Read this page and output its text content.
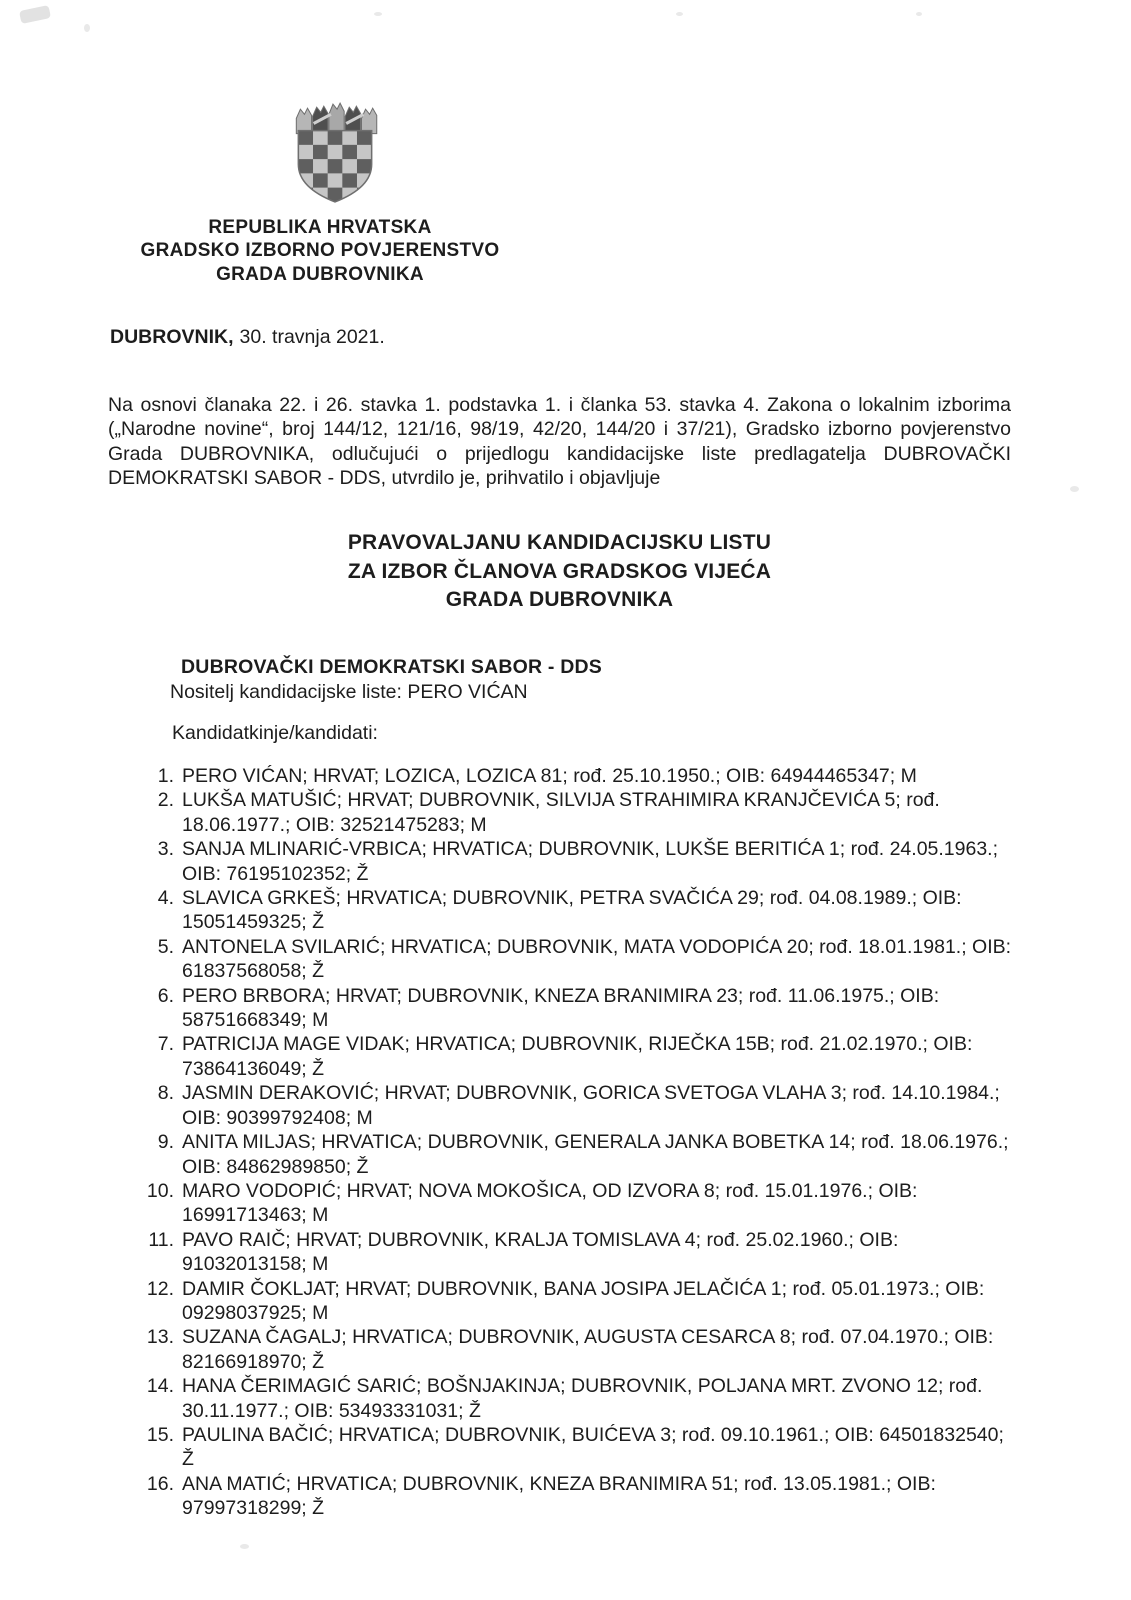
REPUBLIKA HRVATSKA
GRADSKO IZBORNO POVJERENSTVO
GRADA DUBROVNIKA
DUBROVNIK, 30. travnja 2021.

Na osnovi članaka 22. i 26. stavka 1. podstavka 1. i članka 53. stavka 4. Zakona o lokalnim izborima („Narodne novine“, broj 144/12, 121/16, 98/19, 42/20, 144/20 i 37/21), Gradsko izborno povjerenstvo Grada DUBROVNIKA, odlučujući o prijedlogu kandidacijske liste predlagatelja DUBROVAČKI DEMOKRATSKI SABOR - DDS, utvrdilo je, prihvatilo i objavljuje

PRAVOVALJANU KANDIDACIJSKU LISTU
ZA IZBOR ČLANOVA GRADSKOG VIJEĆA
GRADA DUBROVNIKA
DUBROVAČKI DEMOKRATSKI SABOR - DDS
Nositelj kandidacijske liste: PERO VIĆAN
Kandidatkinje/kandidati:
1. PERO VIĆAN; HRVAT; LOZICA, LOZICA 81; rođ. 25.10.1950.; OIB: 64944465347; M
2. LUKŠA MATUŠIĆ; HRVAT; DUBROVNIK, SILVIJA STRAHIMIRA KRANJČEVIĆA 5; rođ. 18.06.1977.; OIB: 32521475283; M
3. SANJA MLINARIĆ-VRBICA; HRVATICA; DUBROVNIK, LUKŠE BERITIĆA 1; rođ. 24.05.1963.; OIB: 76195102352; Ž
4. SLAVICA GRKEŠ; HRVATICA; DUBROVNIK, PETRA SVAČIĆA 29; rođ. 04.08.1989.; OIB: 15051459325; Ž
5. ANTONELA SVILARIĆ; HRVATICA; DUBROVNIK, MATA VODOPIĆA 20; rođ. 18.01.1981.; OIB: 61837568058; Ž
6. PERO BRBORA; HRVAT; DUBROVNIK, KNEZA BRANIMIRA 23; rođ. 11.06.1975.; OIB: 58751668349; M
7. PATRICIJA MAGE VIDAK; HRVATICA; DUBROVNIK, RIJEČKA 15B; rođ. 21.02.1970.; OIB: 73864136049; Ž
8. JASMIN DERAKOVIĆ; HRVAT; DUBROVNIK, GORICA SVETOGA VLAHA 3; rođ. 14.10.1984.; OIB: 90399792408; M
9. ANITA MILJAS; HRVATICA; DUBROVNIK, GENERALA JANKA BOBETKA 14; rođ. 18.06.1976.; OIB: 84862989850; Ž
10. MARO VODOPIĆ; HRVAT; NOVA MOKOŠICA, OD IZVORA 8; rođ. 15.01.1976.; OIB: 16991713463; M
11. PAVO RAIČ; HRVAT; DUBROVNIK, KRALJA TOMISLAVA 4; rođ. 25.02.1960.; OIB: 91032013158; M
12. DAMIR ČOKLJAT; HRVAT; DUBROVNIK, BANA JOSIPA JELAČIĆA 1; rođ. 05.01.1973.; OIB: 09298037925; M
13. SUZANA ČAGALJ; HRVATICA; DUBROVNIK, AUGUSTA CESARCA 8; rođ. 07.04.1970.; OIB: 82166918970; Ž
14. HANA ČERIMAGIĆ SARIĆ; BOŠNJAKINJA; DUBROVNIK, POLJANA MRT. ZVONO 12; rođ. 30.11.1977.; OIB: 53493331031; Ž
15. PAULINA BAČIĆ; HRVATICA; DUBROVNIK, BUIĆEVA 3; rođ. 09.10.1961.; OIB: 64501832540; Ž
16. ANA MATIĆ; HRVATICA; DUBROVNIK, KNEZA BRANIMIRA 51; rođ. 13.05.1981.; OIB: 97997318299; Ž
